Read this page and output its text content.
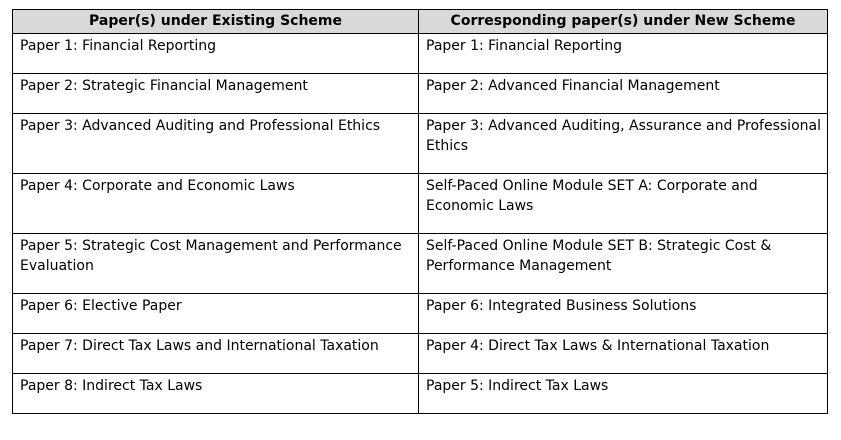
Paper(s) under Existing Scheme	Corresponding paper(s) under New Scheme
Paper 1: Financial Reporting	Paper 1: Financial Reporting
Paper 2: Strategic Financial Management	Paper 2: Advanced Financial Management
Paper 3: Advanced Auditing and Professional Ethics	Paper 3: Advanced Auditing, Assurance and Professional Ethics
Paper 4: Corporate and Economic Laws	Self-Paced Online Module SET A: Corporate and Economic Laws
Paper 5: Strategic Cost Management and Performance Evaluation	Self-Paced Online Module SET B: Strategic Cost & Performance Management
Paper 6: Elective Paper	Paper 6: Integrated Business Solutions
Paper 7: Direct Tax Laws and International Taxation	Paper 4: Direct Tax Laws & International Taxation
Paper 8: Indirect Tax Laws	Paper 5: Indirect Tax Laws
